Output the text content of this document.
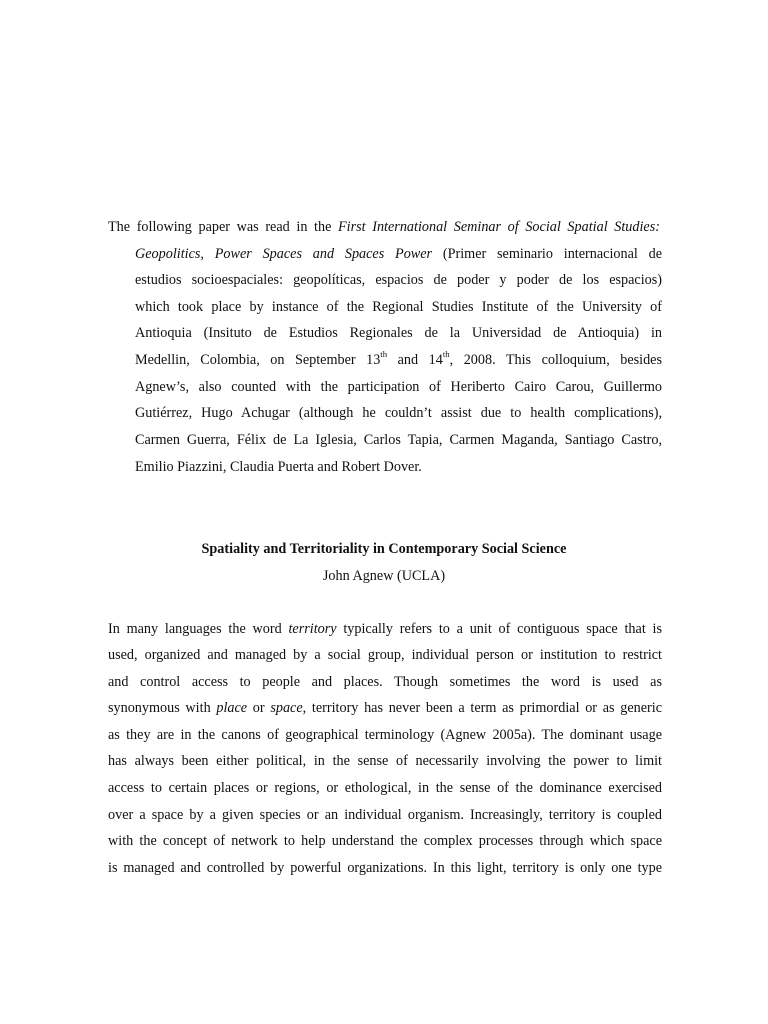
The following paper was read in the First International Seminar of Social Spatial Studies:
Geopolitics, Power Spaces and Spaces Power (Primer seminario internacional de
estudios socioespaciales: geopolíticas, espacios de poder y poder de los espacios)
which took place by instance of the Regional Studies Institute of the University of
Antioquia (Insituto de Estudios Regionales de la Universidad de Antioquia) in
Medellin, Colombia, on September 13th and 14th, 2008. This colloquium, besides
Agnew’s, also counted with the participation of Heriberto Cairo Carou, Guillermo
Gutiérrez, Hugo Achugar (although he couldn’t assist due to health complications),
Carmen Guerra, Félix de La Iglesia, Carlos Tapia, Carmen Maganda, Santiago Castro,
Emilio Piazzini, Claudia Puerta and Robert Dover.
Spatiality and Territoriality in Contemporary Social Science
John Agnew (UCLA)
In many languages the word territory typically refers to a unit of contiguous space that is
used, organized and managed by a social group, individual person or institution to restrict
and control access to people and places. Though sometimes the word is used as
synonymous with place or space, territory has never been a term as primordial or as generic
as they are in the canons of geographical terminology (Agnew 2005a). The dominant usage
has always been either political, in the sense of necessarily involving the power to limit
access to certain places or regions, or ethological, in the sense of the dominance exercised
over a space by a given species or an individual organism. Increasingly, territory is coupled
with the concept of network to help understand the complex processes through which space
is managed and controlled by powerful organizations. In this light, territory is only one type
